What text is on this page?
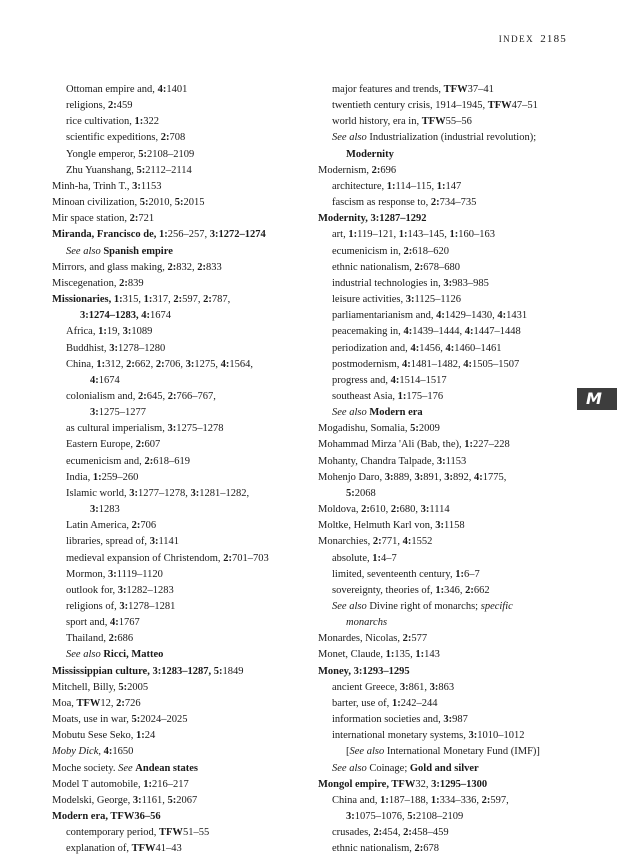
INDEX 2185
Ottoman empire and, 4:1401
religions, 2:459
rice cultivation, 1:322
scientific expeditions, 2:708
Yongle emperor, 5:2108–2109
Zhu Yuanshang, 5:2112–2114
Minh-ha, Trinh T., 3:1153
Minoan civilization, 5:2010, 5:2015
Mir space station, 2:721
Miranda, Francisco de, 1:256–257, 3:1272–1274
See also Spanish empire
Mirrors, and glass making, 2:832, 2:833
Miscegenation, 2:839
Missionaries, 1:315, 1:317, 2:597, 2:787,
3:1274–1283, 4:1674
Africa, 1:19, 3:1089
Buddhist, 3:1278–1280
China, 1:312, 2:662, 2:706, 3:1275, 4:1564,
4:1674
colonialism and, 2:645, 2:766–767,
3:1275–1277
as cultural imperialism, 3:1275–1278
Eastern Europe, 2:607
ecumenicism and, 2:618–619
India, 1:259–260
Islamic world, 3:1277–1278, 3:1281–1282,
3:1283
Latin America, 2:706
libraries, spread of, 3:1141
medieval expansion of Christendom, 2:701–703
Mormon, 3:1119–1120
outlook for, 3:1282–1283
religions of, 3:1278–1281
sport and, 4:1767
Thailand, 2:686
See also Ricci, Matteo
Mississippian culture, 3:1283–1287, 5:1849
Mitchell, Billy, 5:2005
Moa, TFW12, 2:726
Moats, use in war, 5:2024–2025
Mobutu Sese Seko, 1:24
Moby Dick, 4:1650
Moche society. See Andean states
Model T automobile, 1:216–217
Modelski, George, 3:1161, 5:2067
Modern era, TFW36–56
contemporary period, TFW51–55
explanation of, TFW41–43
major features and trends, TFW37–41
twentieth century crisis, 1914–1945, TFW47–51
world history, era in, TFW55–56
See also Industrialization (industrial revolution);
Modernity
Modernism, 2:696
architecture, 1:114–115, 1:147
fascism as response to, 2:734–735
Modernity, 3:1287–1292
art, 1:119–121, 1:143–145, 1:160–163
ecumenicism in, 2:618–620
ethnic nationalism, 2:678–680
industrial technologies in, 3:983–985
leisure activities, 3:1125–1126
parliamentarianism and, 4:1429–1430, 4:1431
peacemaking in, 4:1439–1444, 4:1447–1448
periodization and, 4:1456, 4:1460–1461
postmodernism, 4:1481–1482, 4:1505–1507
progress and, 4:1514–1517
southeast Asia, 1:175–176
See also Modern era
Mogadishu, Somalia, 5:2009
Mohammad Mirza 'Ali (Bab, the), 1:227–228
Mohanty, Chandra Talpade, 3:1153
Mohenjo Daro, 3:889, 3:891, 3:892, 4:1775,
5:2068
Moldova, 2:610, 2:680, 3:1114
Moltke, Helmuth Karl von, 3:1158
Monarchies, 2:771, 4:1552
absolute, 1:4–7
limited, seventeenth century, 1:6–7
sovereignty, theories of, 1:346, 2:662
See also Divine right of monarchs; specific
monarchs
Monardes, Nicolas, 2:577
Monet, Claude, 1:135, 1:143
Money, 3:1293–1295
ancient Greece, 3:861, 3:863
barter, use of, 1:242–244
information societies and, 3:987
international monetary systems, 3:1010–1012
[See also International Monetary Fund (IMF)]
See also Coinage; Gold and silver
Mongol empire, TFW32, 3:1295–1300
China and, 1:187–188, 1:334–336, 2:597,
3:1075–1076, 5:2108–2109
crusades, 2:454, 2:458–459
ethnic nationalism, 2:678
M
